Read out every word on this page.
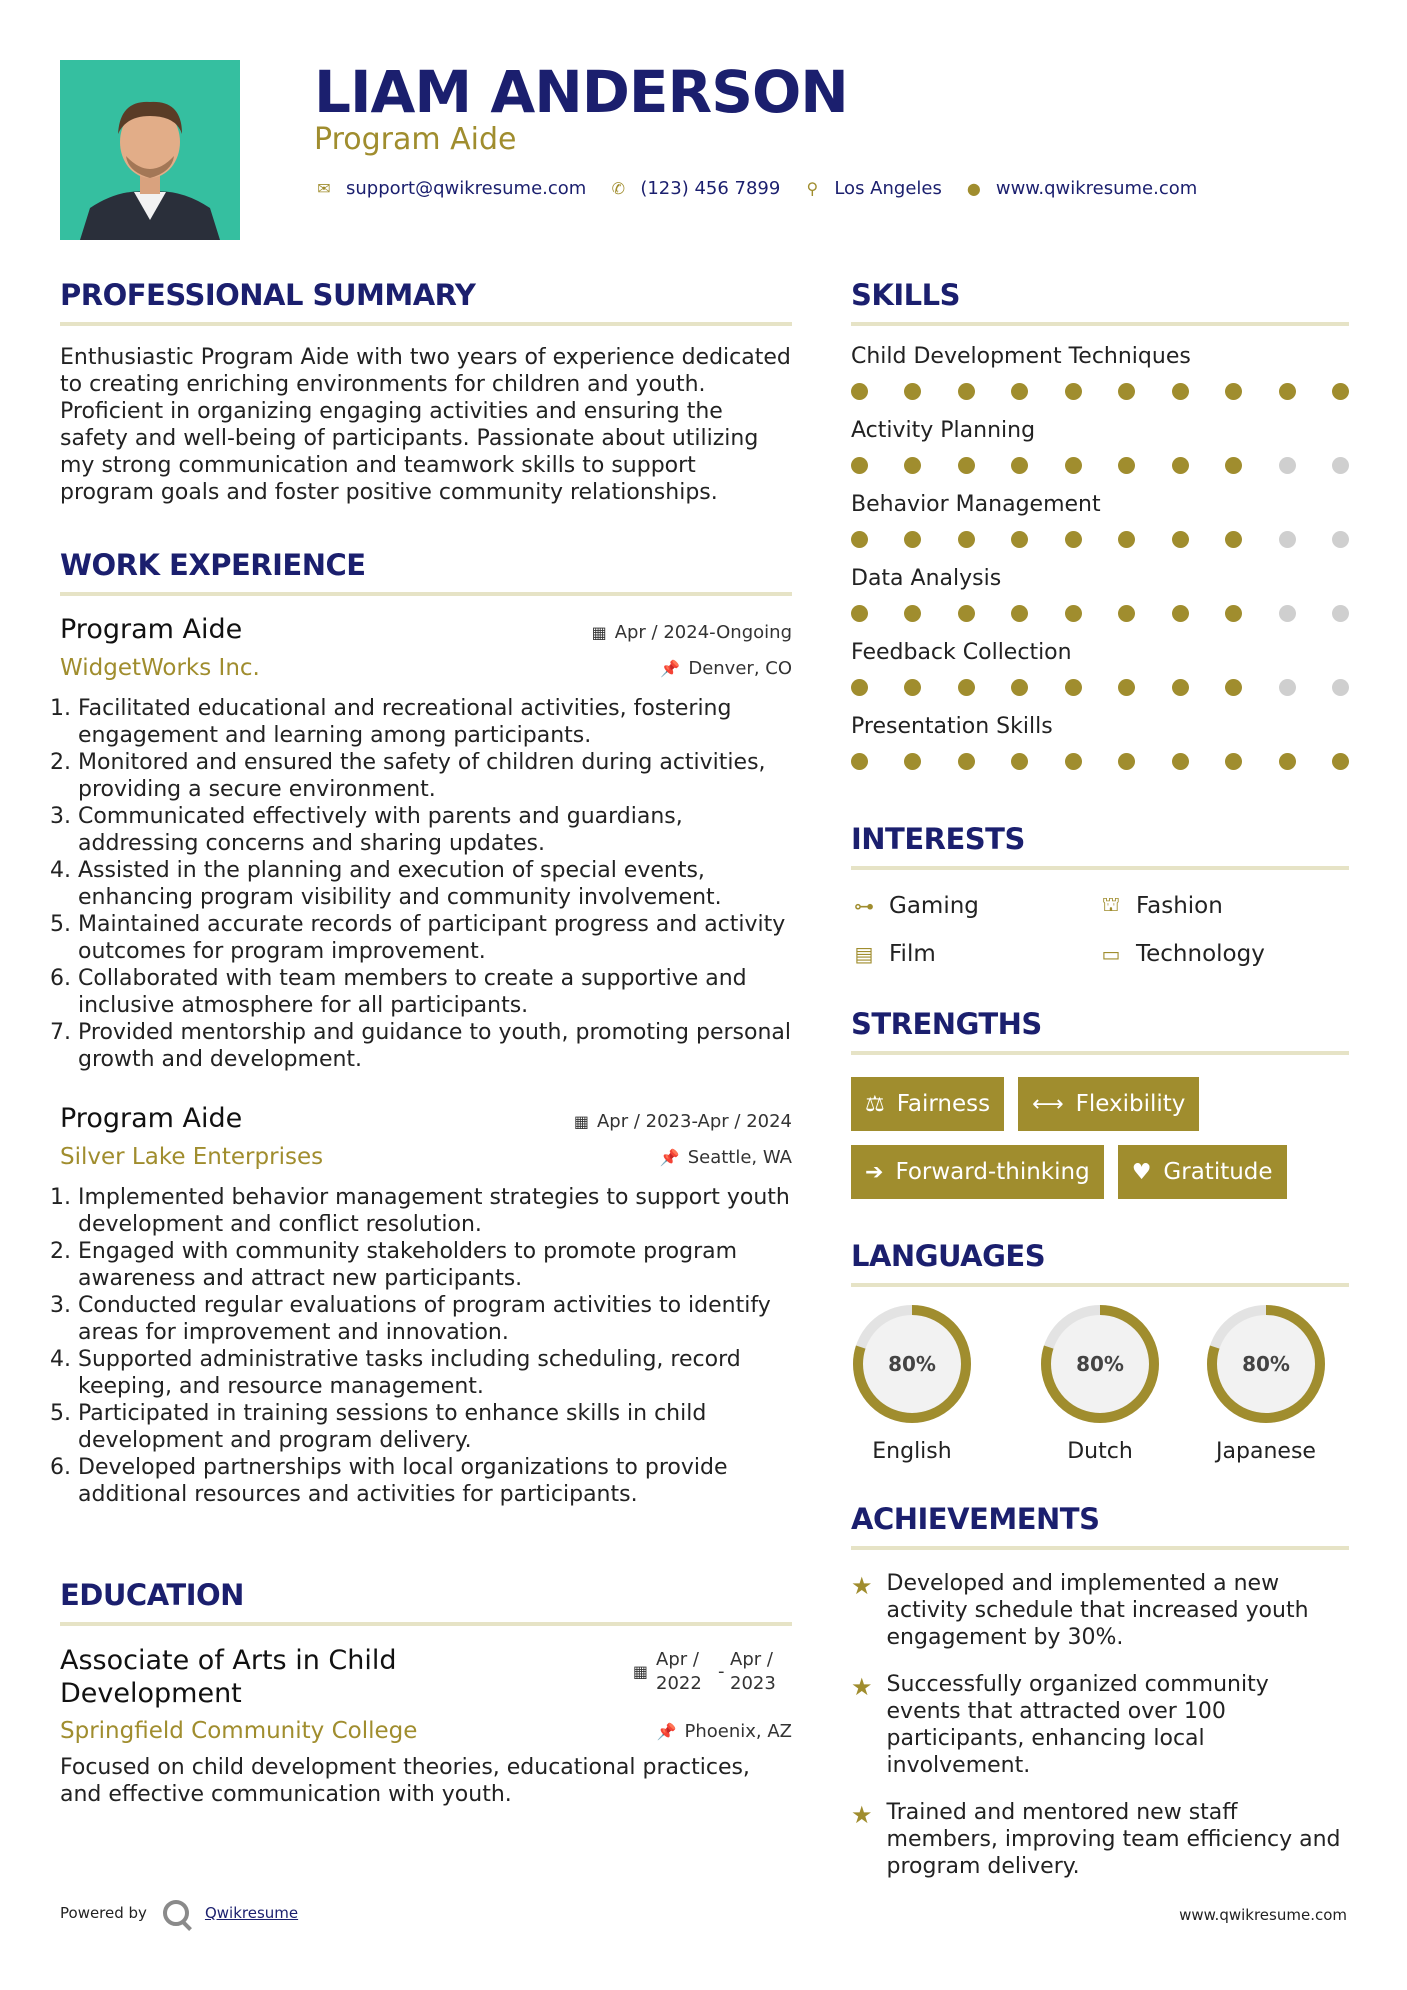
LIAM ANDERSON
Program Aide
✉ support@qwikresume.com ✆ (123) 456 7899 ⚲ Los Angeles ● www.qwikresume.com
PROFESSIONAL SUMMARY

Enthusiastic Program Aide with two years of experience dedicated to creating enriching environments for children and youth. Proficient in organizing engaging activities and ensuring the safety and well-being of participants. Passionate about utilizing my strong communication and teamwork skills to support program goals and foster positive community relationships.

WORK EXPERIENCE
Program Aide	▦ Apr / 2024-Ongoing
WidgetWorks Inc.	📌 Denver, CO
1. Facilitated educational and recreational activities, fostering engagement and learning among participants.
2. Monitored and ensured the safety of children during activities, providing a secure environment.
3. Communicated effectively with parents and guardians, addressing concerns and sharing updates.
4. Assisted in the planning and execution of special events, enhancing program visibility and community involvement.
5. Maintained accurate records of participant progress and activity outcomes for program improvement.
6. Collaborated with team members to create a supportive and inclusive atmosphere for all participants.
7. Provided mentorship and guidance to youth, promoting personal growth and development.
Program Aide	▦ Apr / 2023-Apr / 2024
Silver Lake Enterprises	📌 Seattle, WA
1. Implemented behavior management strategies to support youth development and conflict resolution.
2. Engaged with community stakeholders to promote program awareness and attract new participants.
3. Conducted regular evaluations of program activities to identify areas for improvement and innovation.
4. Supported administrative tasks including scheduling, record keeping, and resource management.
5. Participated in training sessions to enhance skills in child development and program delivery.
6. Developed partnerships with local organizations to provide additional resources and activities for participants.
EDUCATION
Associate of Arts in Child Development
▦
Apr / 2022
-
Apr / 2023
Springfield Community College	📌 Phoenix, AZ

Focused on child development theories, educational practices, and effective communication with youth.

SKILLS
Child Development Techniques
Activity Planning
Behavior Management
Data Analysis
Feedback Collection
Presentation Skills
INTERESTS
⊶ Gaming	⛫ Fashion
▤ Film	▭ Technology
STRENGTHS
⚖ Fairness ⟷ Flexibility
➔ Forward-thinking ♥ Gratitude
LANGUAGES
80%
English
80%
Dutch
80%
Japanese
ACHIEVEMENTS
★ Developed and implemented a new activity schedule that increased youth engagement by 30%.
★ Successfully organized community events that attracted over 100 participants, enhancing local involvement.
★ Trained and mentored new staff members, improving team efficiency and program delivery.
Powered by	Qwikresume	www.qwikresume.com
